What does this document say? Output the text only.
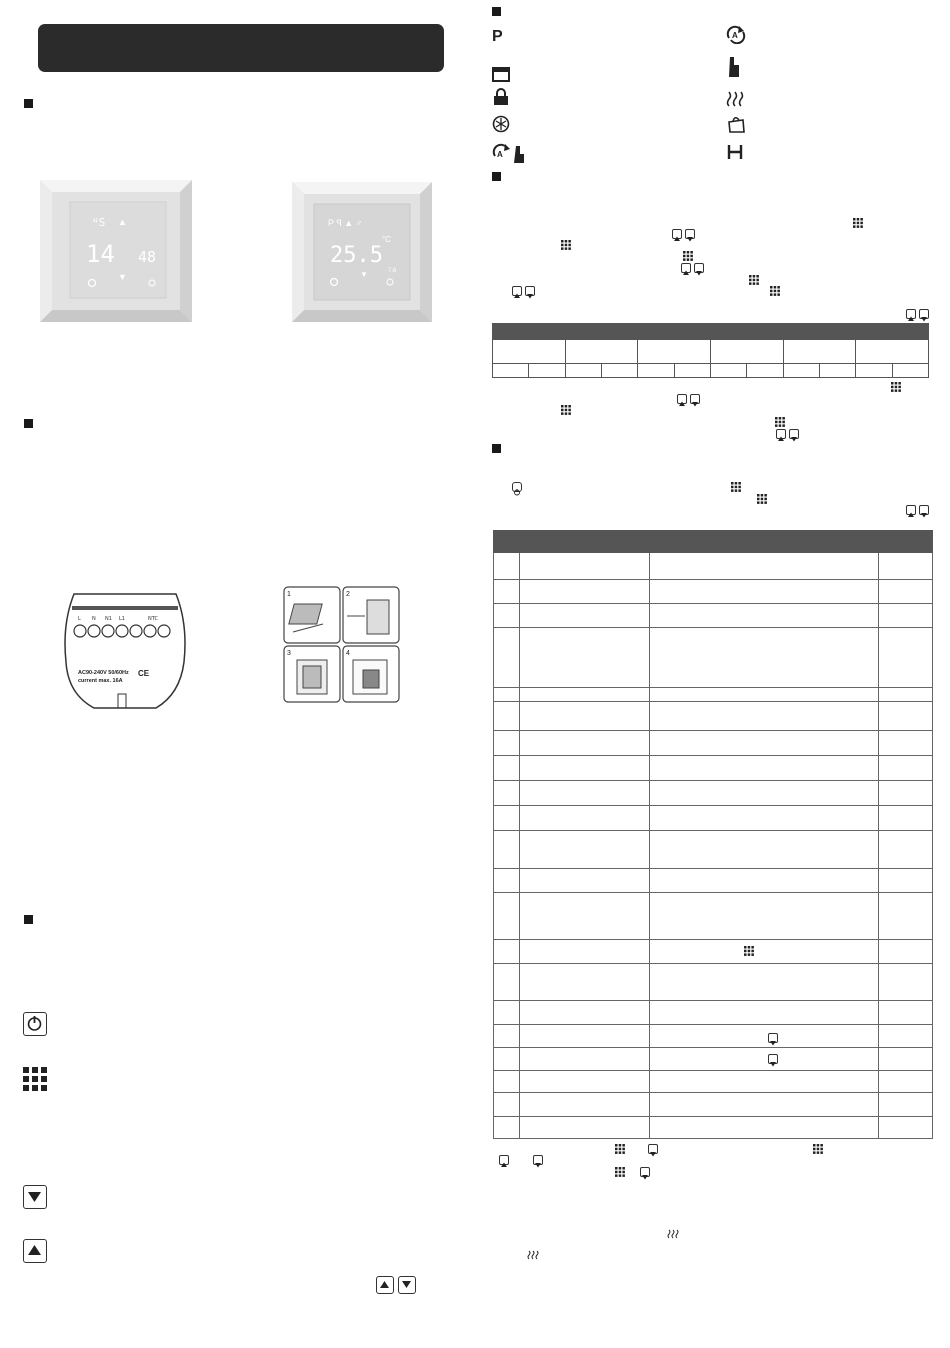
ᴴS ▲
14 48
▼
P ꟼ ▲ ♂
25.5
°C
7.6
▼
L N N1 L1	NTC
AC90-240V 50/60Hz
current max. 16A
CE
1	2
3	4
P
A
A
